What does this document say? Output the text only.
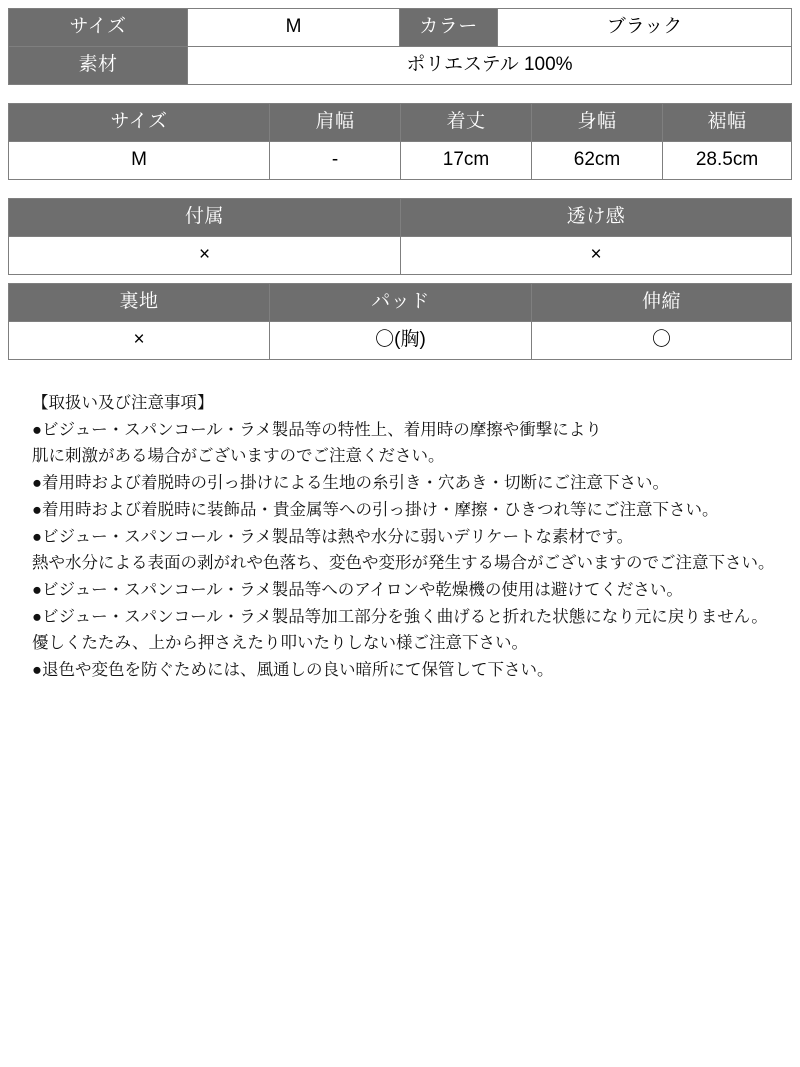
サイズ	M	カラー	ブラック
素材	ポリエステル 100%		
サイズ	肩幅	着丈	身幅	裾幅
M	-	17cm	62cm	28.5cm
付属	透け感
×	×
裏地	パッド	伸縮
×	〇(胸)	〇
【取扱い及び注意事項】
●ビジュー・スパンコール・ラメ製品等の特性上、着用時の摩擦や衝撃により
肌に刺激がある場合がございますのでご注意ください。
●着用時および着脱時の引っ掛けによる生地の糸引き・穴あき・切断にご注意下さい。
●着用時および着脱時に装飾品・貴金属等への引っ掛け・摩擦・ひきつれ等にご注意下さい。
●ビジュー・スパンコール・ラメ製品等は熱や水分に弱いデリケートな素材です。
熱や水分による表面の剥がれや色落ち、変色や変形が発生する場合がございますのでご注意下さい。
●ビジュー・スパンコール・ラメ製品等へのアイロンや乾燥機の使用は避けてください。
●ビジュー・スパンコール・ラメ製品等加工部分を強く曲げると折れた状態になり元に戻りません。
優しくたたみ、上から押さえたり叩いたりしない様ご注意下さい。
●退色や変色を防ぐためには、風通しの良い暗所にて保管して下さい。
